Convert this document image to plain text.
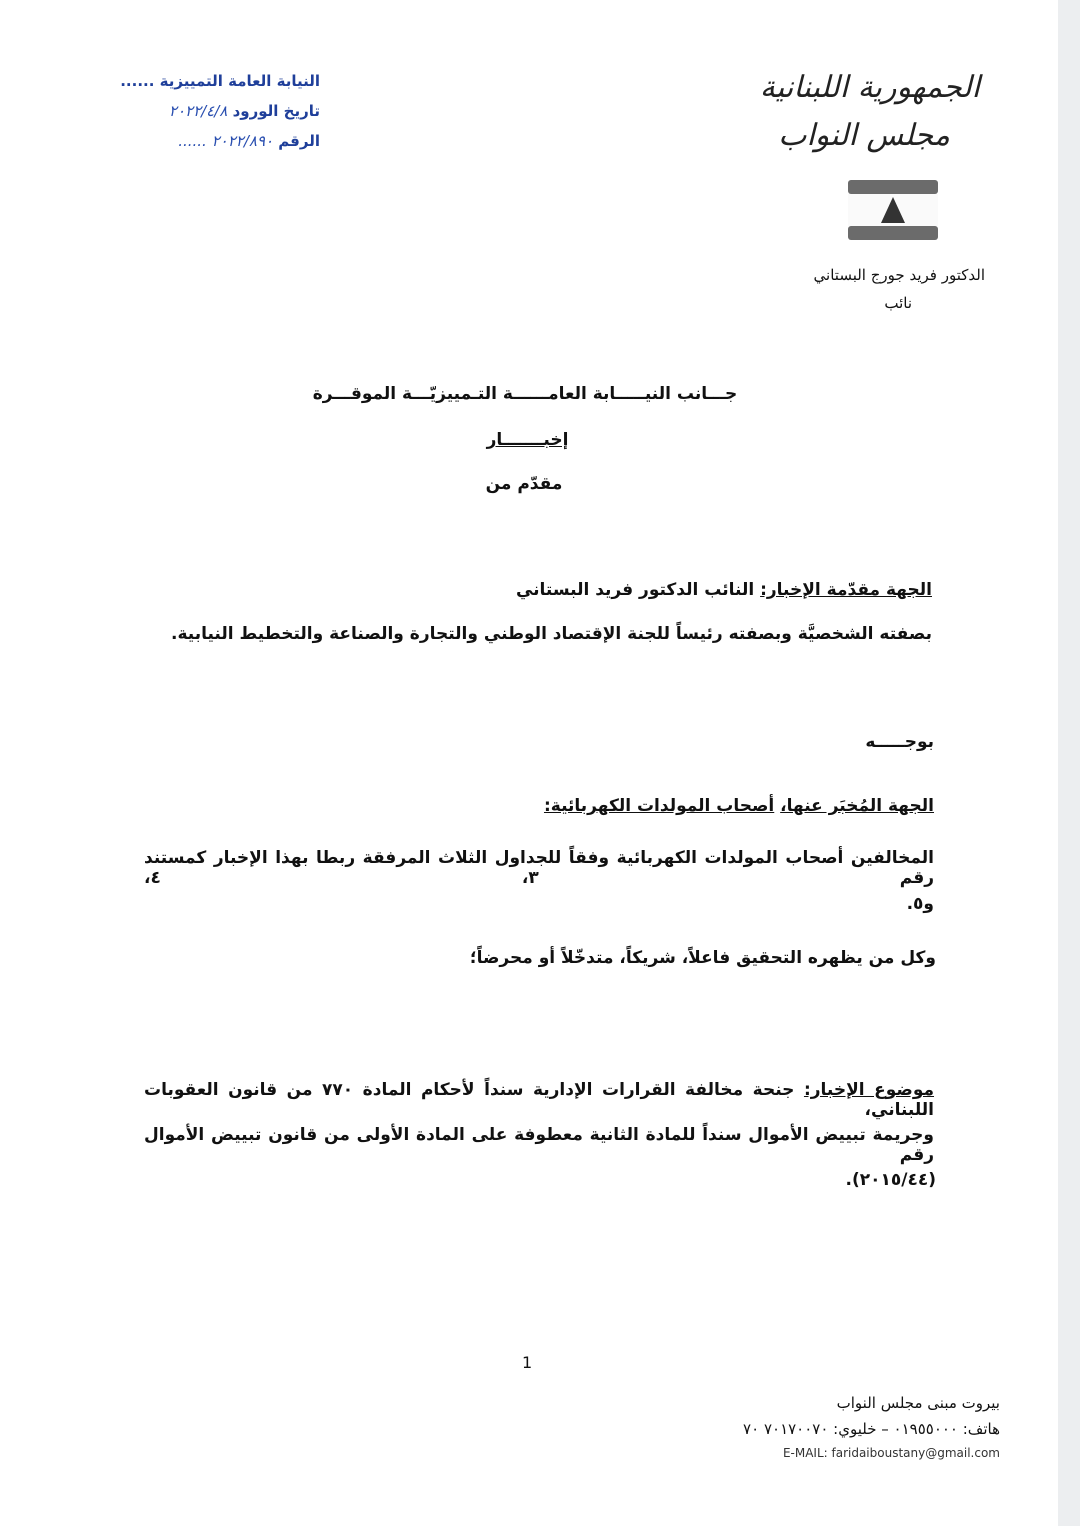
النيابة العامة التمييزية ......
تاريخ الورود ٢٠٢٢/٤/٨
الرقم ٢٠٢٢/٨٩٠ ......
الجمهورية اللبنانية
مجلس النواب
الدكتور فريد جورج البستاني
نائب
جـــانب النيـــــابة العامــــــة التـمييزيّـــة الموقـــرة
إخبـــــــار
مقدّم من
الجهة مقدّمة الإخبار: النائب الدكتور فريد البستاني
بصفته الشخصيَّة وبصفته رئيساً للجنة الإقتصاد الوطني والتجارة والصناعة والتخطيط النيابية.
بوجـــــه
الجهة المُخبَر عنها، أصحاب المولدات الكهربائية:
المخالفين أصحاب المولدات الكهربائية وفقاً للجداول الثلاث المرفقة ربطا بهذا الإخبار كمستند رقم ٣، ٤،
و٥.
وكل من يظهره التحقيق فاعلاً، شريكاً، متدخّلاً أو محرضاً؛
موضوع الإخبار: جنحة مخالفة القرارات الإدارية سنداً لأحكام المادة ٧٧٠ من قانون العقوبات اللبناني،
وجريمة تبييض الأموال سنداً للمادة الثانية معطوفة على المادة الأولى من قانون تبييض الأموال رقم
(٢٠١٥/٤٤).
1
بيروت مبنى مجلس النواب
هاتف: ٠١٩٥٥٠٠٠ – خليوي: ٧٠١٧٠٠٧٠ ٧٠
E-MAIL: faridaiboustany@gmail.com
